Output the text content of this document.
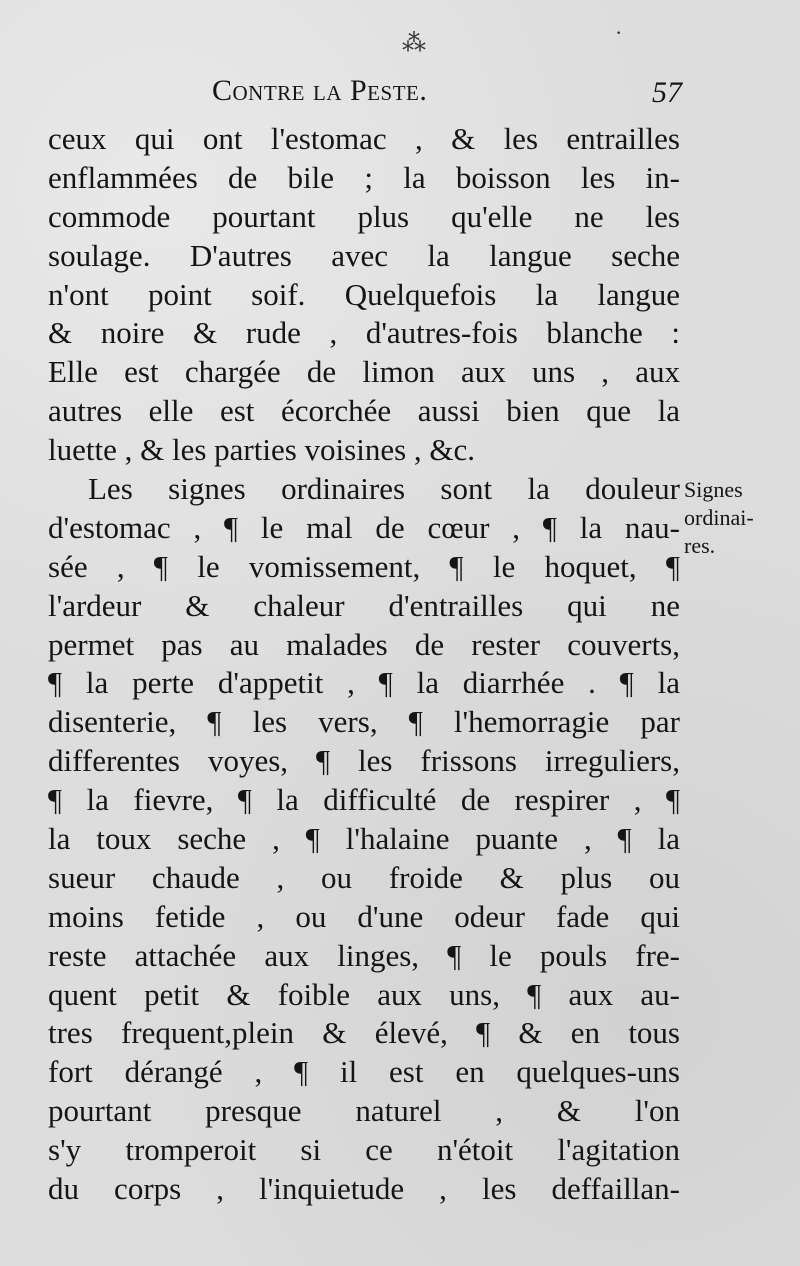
⁂	·
Contre la Peste.	57
ceux qui ont l'estomac , & les entrailles
enflammées de bile ; la boisson les in-
commode pourtant plus qu'elle ne les
soulage. D'autres avec la langue seche
n'ont point soif. Quelquefois la langue
& noire & rude , d'autres-fois blanche :
Elle est chargée de limon aux uns , aux
autres elle est écorchée aussi bien que la
luette , & les parties voisines , &c.
Les signes ordinaires sont la douleur
d'estomac , ¶ le mal de cœur , ¶ la nau-
sée , ¶ le vomissement, ¶ le hoquet, ¶
l'ardeur & chaleur d'entrailles qui ne
permet pas au malades de rester couverts,
¶ la perte d'appetit , ¶ la diarrhée . ¶ la
disenterie, ¶ les vers, ¶ l'hemorragie par
differentes voyes, ¶ les frissons irreguliers,
¶ la fievre, ¶ la difficulté de respirer , ¶
la toux seche , ¶ l'halaine puante , ¶ la
sueur chaude , ou froide & plus ou
moins fetide , ou d'une odeur fade qui
reste attachée aux linges, ¶ le pouls fre-
quent petit & foible aux uns, ¶ aux au-
tres frequent,plein & élevé, ¶ & en tous
fort dérangé , ¶ il est en quelques-uns
pourtant presque naturel , & l'on
s'y tromperoit si ce n'étoit l'agitation
du corps , l'inquietude , les deffaillan-
Signes
ordinai-
res.
